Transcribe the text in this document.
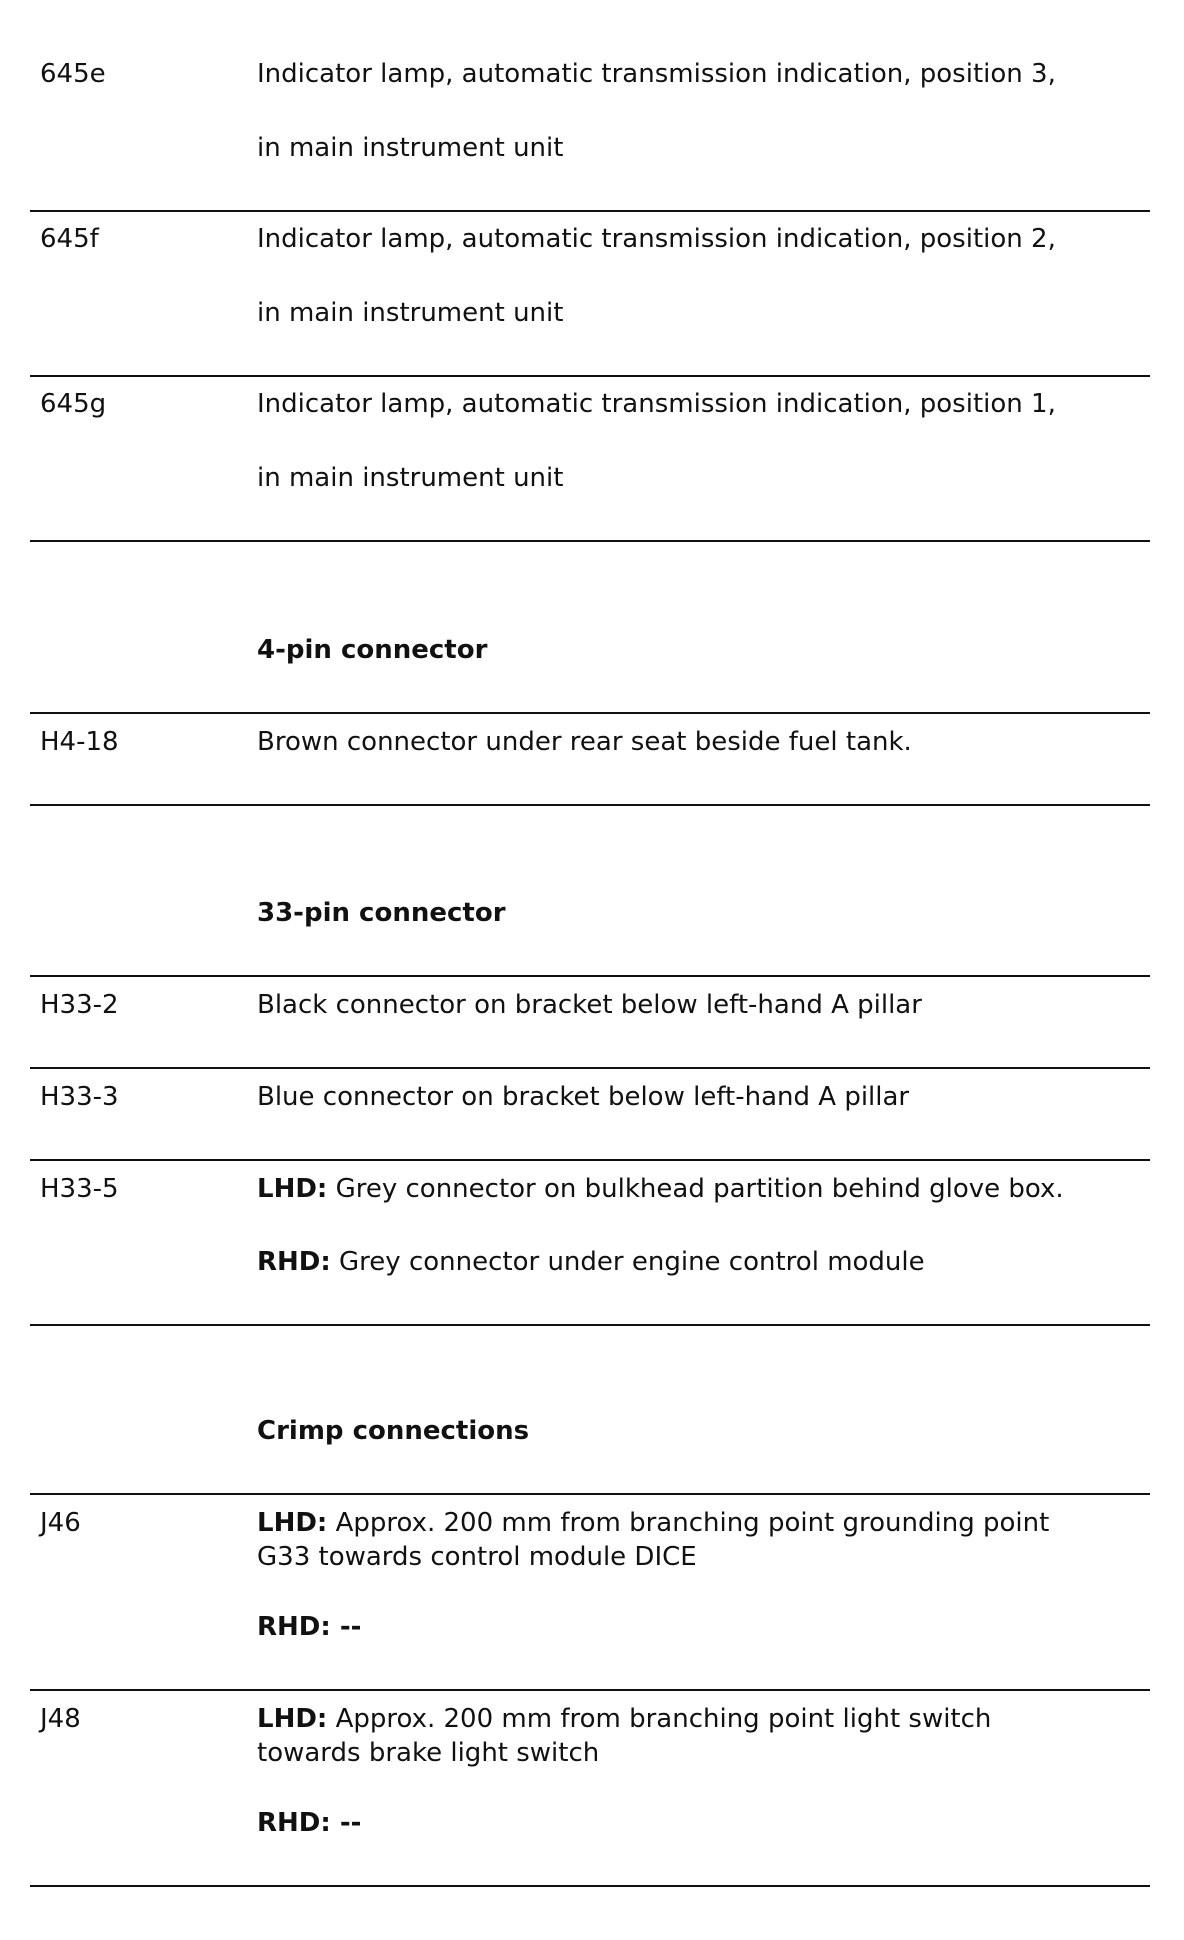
645e	Indicator lamp, automatic transmission indication, position 3,
in main instrument unit
645f	Indicator lamp, automatic transmission indication, position 2,
in main instrument unit
645g	Indicator lamp, automatic transmission indication, position 1,
in main instrument unit
4-pin connector
H4-18	Brown connector under rear seat beside fuel tank.
33-pin connector
H33-2	Black connector on bracket below left-hand A pillar
H33-3	Blue connector on bracket below left-hand A pillar
H33-5	LHD: Grey connector on bulkhead partition behind glove box.
RHD: Grey connector under engine control module
Crimp connections
J46	LHD: Approx. 200 mm from branching point grounding point
G33 towards control module DICE
RHD: --
J48	LHD: Approx. 200 mm from branching point light switch
towards brake light switch
RHD: --
